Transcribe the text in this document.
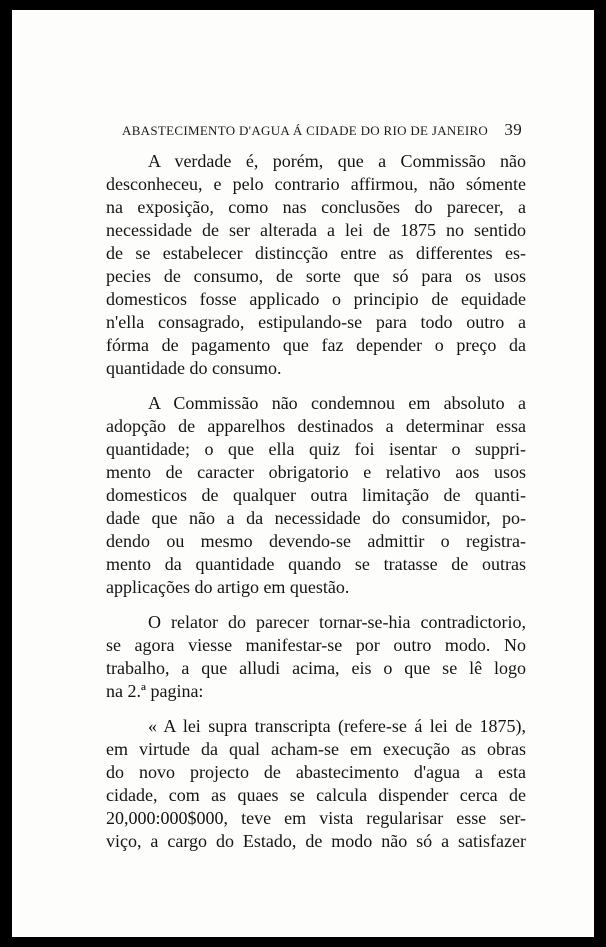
ABASTECIMENTO D'AGUA Á CIDADE DO RIO DE JANEIRO 39

A verdade é, porém, que a Commissão não
desconheceu, e pelo contrario affirmou, não sómente
na exposição, como nas conclusões do parecer, a
necessidade de ser alterada a lei de 1875 no sentido
de se estabelecer distincção entre as differentes es-
pecies de consumo, de sorte que só para os usos
domesticos fosse applicado o principio de equidade
n'ella consagrado, estipulando-se para todo outro a
fórma de pagamento que faz depender o preço da
quantidade do consumo.

A Commissão não condemnou em absoluto a
adopção de apparelhos destinados a determinar essa
quantidade; o que ella quiz foi isentar o suppri-
mento de caracter obrigatorio e relativo aos usos
domesticos de qualquer outra limitação de quanti-
dade que não a da necessidade do consumidor, po-
dendo ou mesmo devendo-se admittir o registra-
mento da quantidade quando se tratasse de outras
applicações do artigo em questão.

O relator do parecer tornar-se-hia contradictorio,
se agora viesse manifestar-se por outro modo. No
trabalho, a que alludi acima, eis o que se lê logo
na 2.ª pagina:

« A lei supra transcripta (refere-se á lei de 1875),
em virtude da qual acham-se em execução as obras
do novo projecto de abastecimento d'agua a esta
cidade, com as quaes se calcula dispender cerca de
20,000:000$000, teve em vista regularisar esse ser-
viço, a cargo do Estado, de modo não só a satisfazer
